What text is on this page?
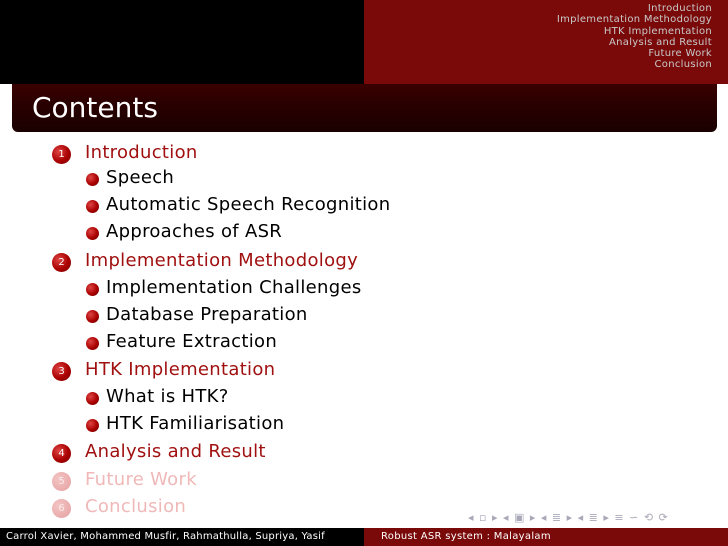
Introduction
Implementation Methodology
HTK Implementation
Analysis and Result
Future Work
Conclusion
Contents
1	Introduction
Speech
Automatic Speech Recognition
Approaches of ASR
2	Implementation Methodology
Implementation Challenges
Database Preparation
Feature Extraction
3	HTK Implementation
What is HTK?
HTK Familiarisation
4	Analysis and Result
5	Future Work
6	Conclusion
◂ ▫ ▸ ◂ ▣ ▸ ◂ ≣ ▸ ◂ ≣ ▸ ≡ ∽ ⟲ ⟳
Carrol Xavier, Mohammed Musfir, Rahmathulla, Supriya, Yasif	Robust ASR system : Malayalam
